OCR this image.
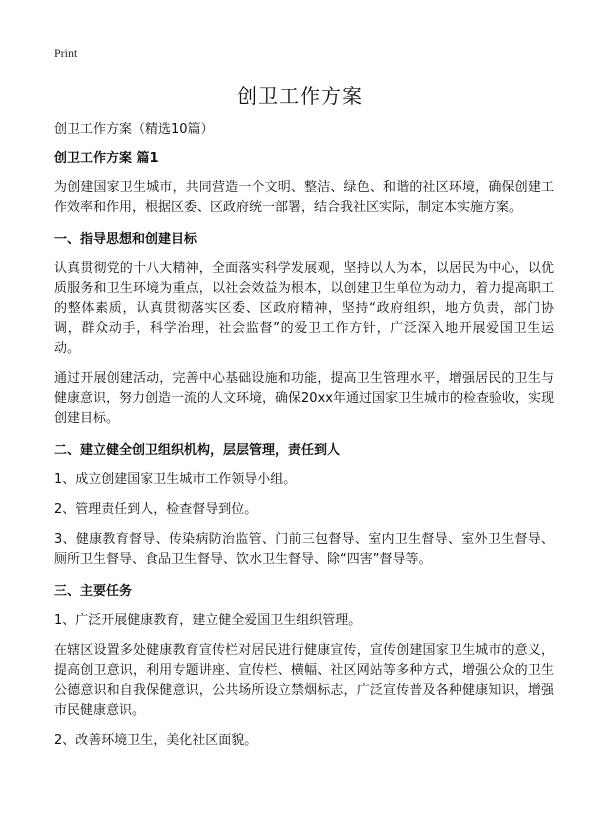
Print
创卫工作方案

创卫工作方案（精选10篇）

创卫工作方案 篇1

为创建国家卫生城市，共同营造一个文明、整洁、绿色、和谐的社区环境，确保创建工作效率和作用，根据区委、区政府统一部署，结合我社区实际，制定本实施方案。

一、指导思想和创建目标

认真贯彻党的十八大精神，全面落实科学发展观，坚持以人为本，以居民为中心，以优质服务和卫生环境为重点，以社会效益为根本，以创建卫生单位为动力，着力提高职工的整体素质，认真贯彻落实区委、区政府精神，坚持“政府组织，地方负责，部门协调，群众动手，科学治理，社会监督”的爱卫工作方针，广泛深入地开展爱国卫生运动。

通过开展创建活动，完善中心基础设施和功能，提高卫生管理水平，增强居民的卫生与健康意识，努力创造一流的人文环境，确保20xx年通过国家卫生城市的检查验收，实现创建目标。

二、建立健全创卫组织机构，层层管理，责任到人

1、成立创建国家卫生城市工作领导小组。

2、管理责任到人，检查督导到位。

3、健康教育督导、传染病防治监管、门前三包督导、室内卫生督导、室外卫生督导、厕所卫生督导、食品卫生督导、饮水卫生督导、除“四害”督导等。

三、主要任务

1、广泛开展健康教育，建立健全爱国卫生组织管理。

在辖区设置多处健康教育宣传栏对居民进行健康宣传，宣传创建国家卫生城市的意义，提高创卫意识，利用专题讲座、宣传栏、横幅、社区网站等多种方式，增强公众的卫生公德意识和自我保健意识，公共场所设立禁烟标志，广泛宣传普及各种健康知识，增强市民健康意识。

2、改善环境卫生，美化社区面貌。
